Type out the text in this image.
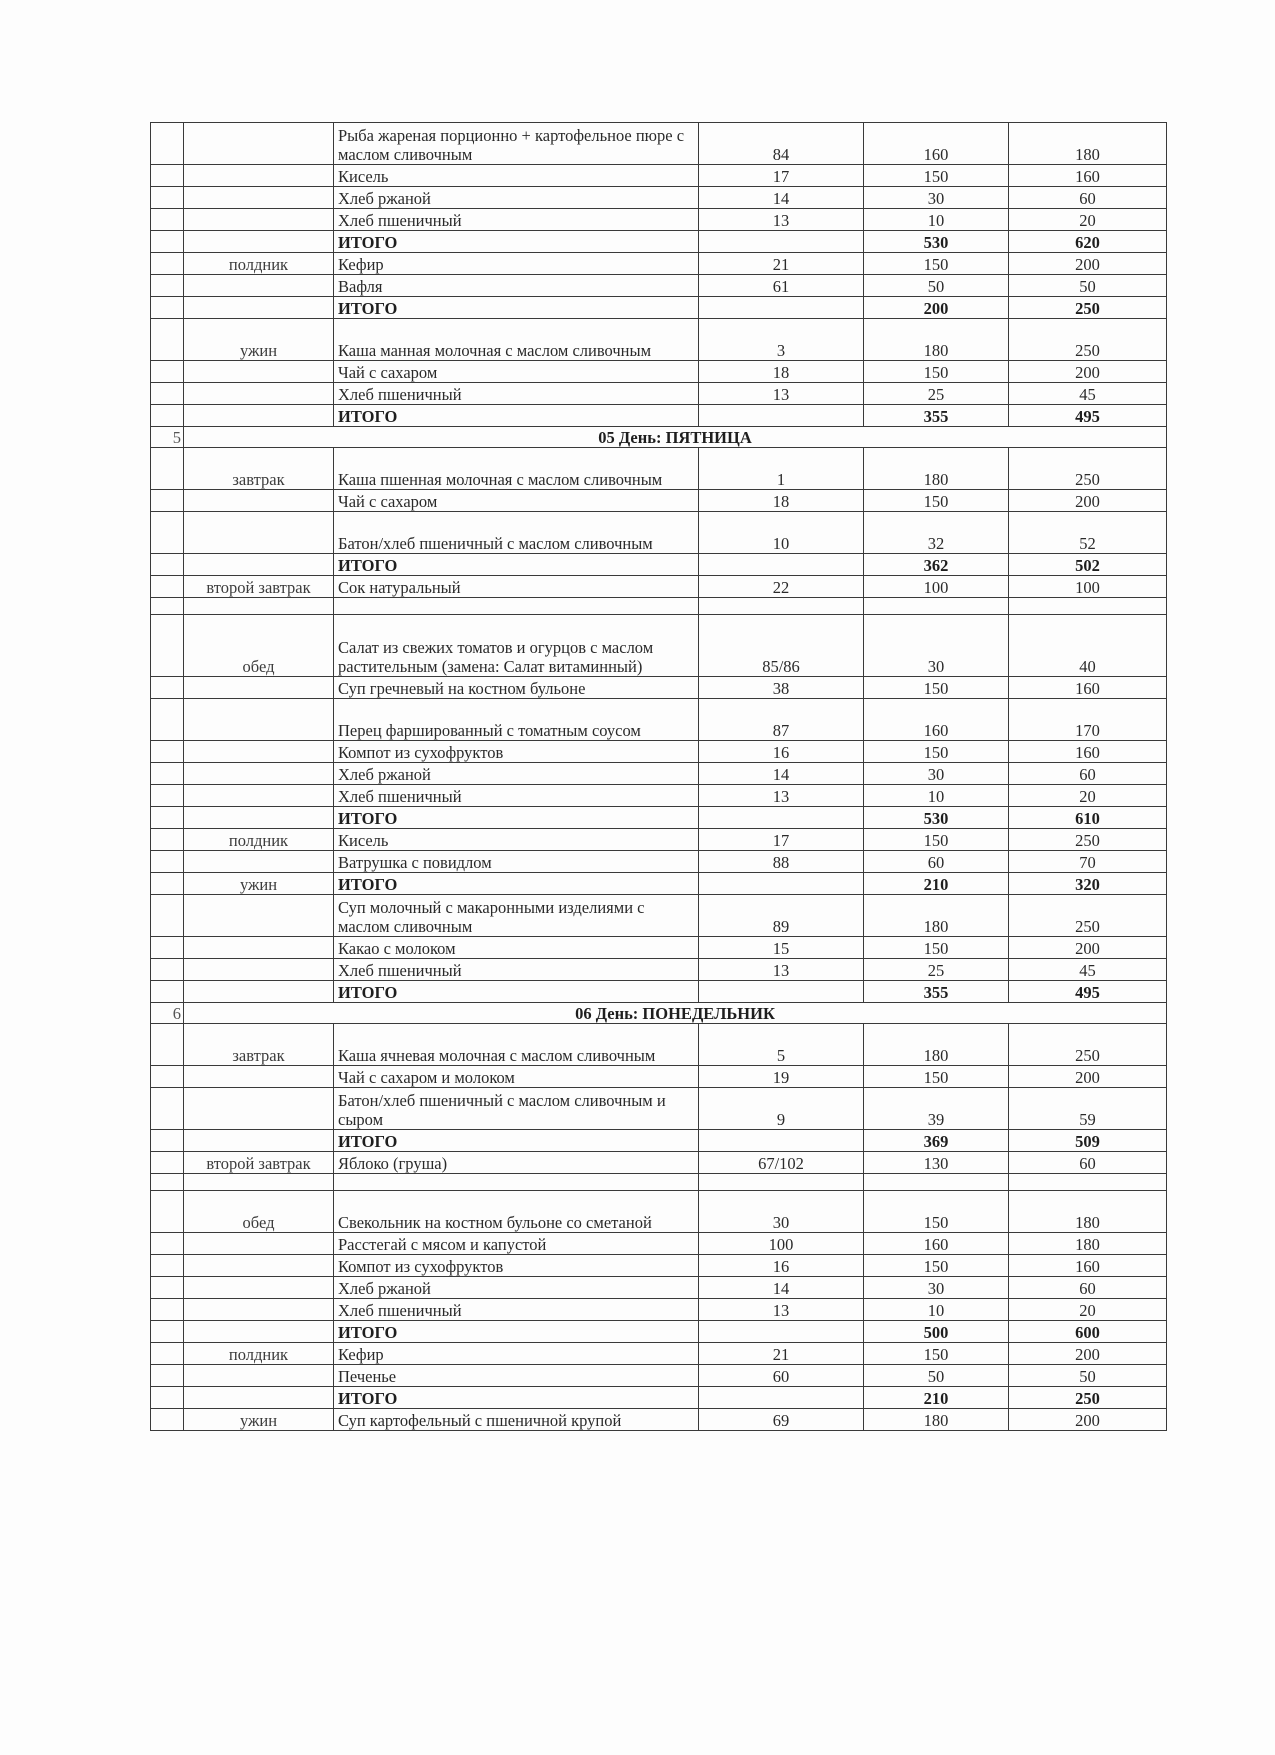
		Рыба жареная порционно + картофельное пюре с маслом сливочным	84	160	180
		Кисель	17	150	160
		Хлеб ржаной	14	30	60
		Хлеб пшеничный	13	10	20
		ИТОГО		530	620
	полдник	Кефир	21	150	200
		Вафля	61	50	50
		ИТОГО		200	250
	ужин	Каша манная молочная с маслом сливочным	3	180	250
		Чай с сахаром	18	150	200
		Хлеб пшеничный	13	25	45
		ИТОГО		355	495
5	05 День: ПЯТНИЦА				
	завтрак	Каша пшенная молочная с маслом сливочным	1	180	250
		Чай с сахаром	18	150	200
		Батон/хлеб пшеничный с маслом сливочным	10	32	52
		ИТОГО		362	502
	второй завтрак	Сок натуральный	22	100	100

	обед	Салат из свежих томатов и огурцов с маслом растительным (замена: Салат витаминный)	85/86	30	40
		Суп гречневый на костном бульоне	38	150	160
		Перец фаршированный с томатным соусом	87	160	170
		Компот из сухофруктов	16	150	160
		Хлеб ржаной	14	30	60
		Хлеб пшеничный	13	10	20
		ИТОГО		530	610
	полдник	Кисель	17	150	250
		Ватрушка с повидлом	88	60	70
	ужин	ИТОГО		210	320
		Суп молочный с макаронными изделиями с маслом сливочным	89	180	250
		Какао с молоком	15	150	200
		Хлеб пшеничный	13	25	45
		ИТОГО		355	495
6	06 День: ПОНЕДЕЛЬНИК				
	завтрак	Каша ячневая молочная с маслом сливочным	5	180	250
		Чай с сахаром и молоком	19	150	200
		Батон/хлеб пшеничный с маслом сливочным и сыром	9	39	59
		ИТОГО		369	509
	второй завтрак	Яблоко (груша)	67/102	130	60

	обед	Свекольник на костном бульоне со сметаной	30	150	180
		Расстегай с мясом и капустой	100	160	180
		Компот из сухофруктов	16	150	160
		Хлеб ржаной	14	30	60
		Хлеб пшеничный	13	10	20
		ИТОГО		500	600
	полдник	Кефир	21	150	200
		Печенье	60	50	50
		ИТОГО		210	250
	ужин	Суп картофельный с пшеничной крупой	69	180	200
